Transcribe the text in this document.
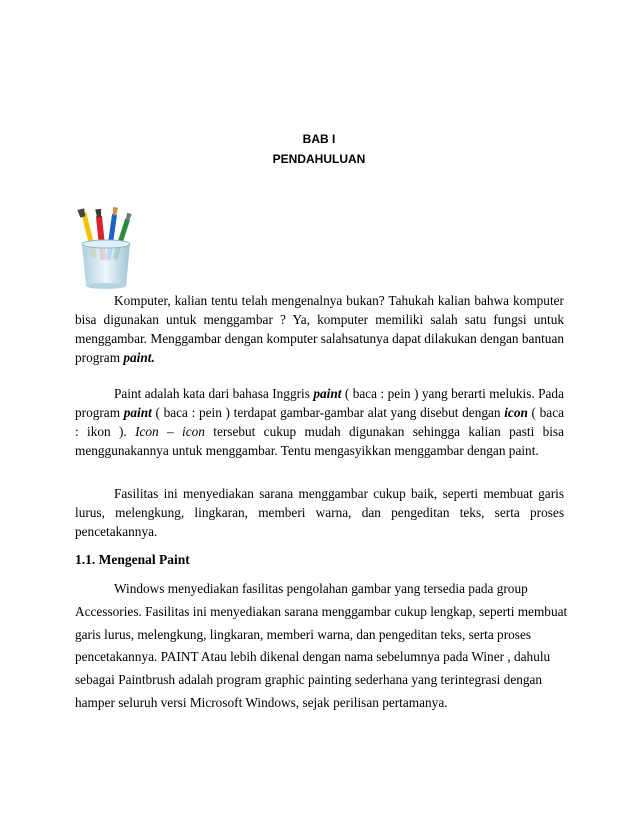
BAB I
PENDAHULUAN

Komputer, kalian tentu telah mengenalnya bukan? Tahukah kalian bahwa komputer bisa digunakan untuk menggambar ? Ya, komputer memiliki salah satu fungsi untuk menggambar. Menggambar dengan komputer salahsatunya dapat dilakukan dengan bantuan program paint.

Paint adalah kata dari bahasa Inggris paint ( baca : pein ) yang berarti melukis. Pada program paint ( baca : pein ) terdapat gambar-gambar alat yang disebut dengan icon ( baca : ikon ). Icon – icon tersebut cukup mudah digunakan sehingga kalian pasti bisa menggunakannya untuk menggambar. Tentu mengasyikkan menggambar dengan paint.

Fasilitas ini menyediakan sarana menggambar cukup baik, seperti membuat garis lurus, melengkung, lingkaran, memberi warna, dan pengeditan teks, serta proses pencetakannya.

1.1. Mengenal Paint

Windows menyediakan fasilitas pengolahan gambar yang tersedia pada group Accessories. Fasilitas ini menyediakan sarana menggambar cukup lengkap, seperti membuat garis lurus, melengkung, lingkaran, memberi warna, dan pengeditan teks, serta proses pencetakannya. PAINT Atau lebih dikenal dengan nama sebelumnya pada Winer , dahulu sebagai Paintbrush adalah program graphic painting sederhana yang terintegrasi dengan hamper seluruh versi Microsoft Windows, sejak perilisan pertamanya.
